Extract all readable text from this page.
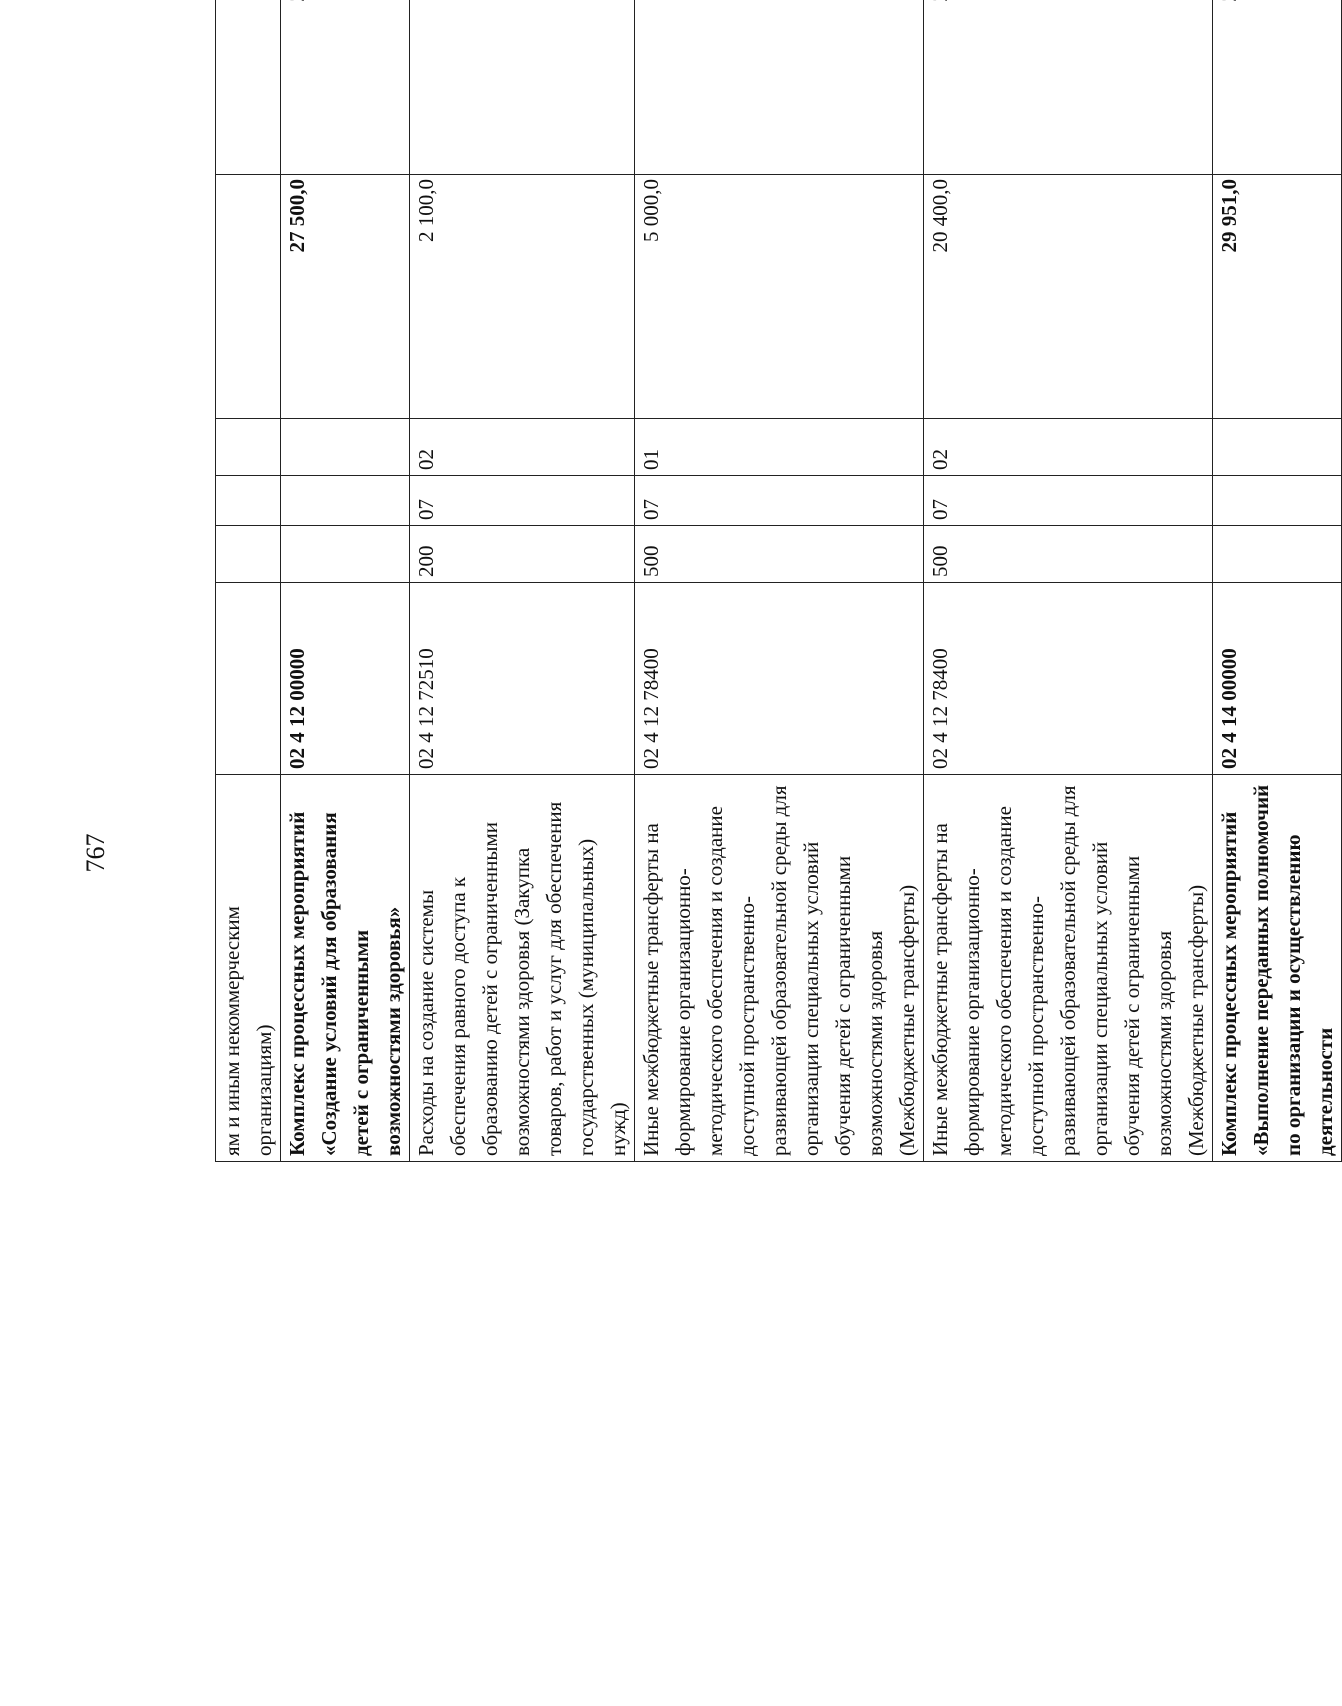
767
ям и иным некоммерческим организациям)							
Комплекс процессных мероприятий «Создание условий для образования детей с ограниченными возможностями здоровья»	02 4 12 00000				27 500,0		
Расходы на создание системы обеспечения равного доступа к образованию детей с ограниченными возможностями здоровья (Закупка товаров, работ и услуг для обеспечения государственных (муниципальных) нужд)	02 4 12 72510	200	07	02	2 100,0		
Иные межбюджетные трансферты на формирование организационно-методического обеспечения и создание доступной пространственно-развивающей образовательной среды для организации специальных условий обучения детей с ограниченными возможностями здоровья (Межбюджетные трансферты)	02 4 12 78400	500	07	01	5 000,0		
Иные межбюджетные трансферты на формирование организационно-методического обеспечения и создание доступной пространственно-развивающей образовательной среды для организации специальных условий обучения детей с ограниченными возможностями здоровья (Межбюджетные трансферты)	02 4 12 78400	500	07	02	20 400,0		
Комплекс процессных мероприятий «Выполнение переданных полномочий по организации и осуществлению деятельности	02 4 14 00000				29 951,0		
